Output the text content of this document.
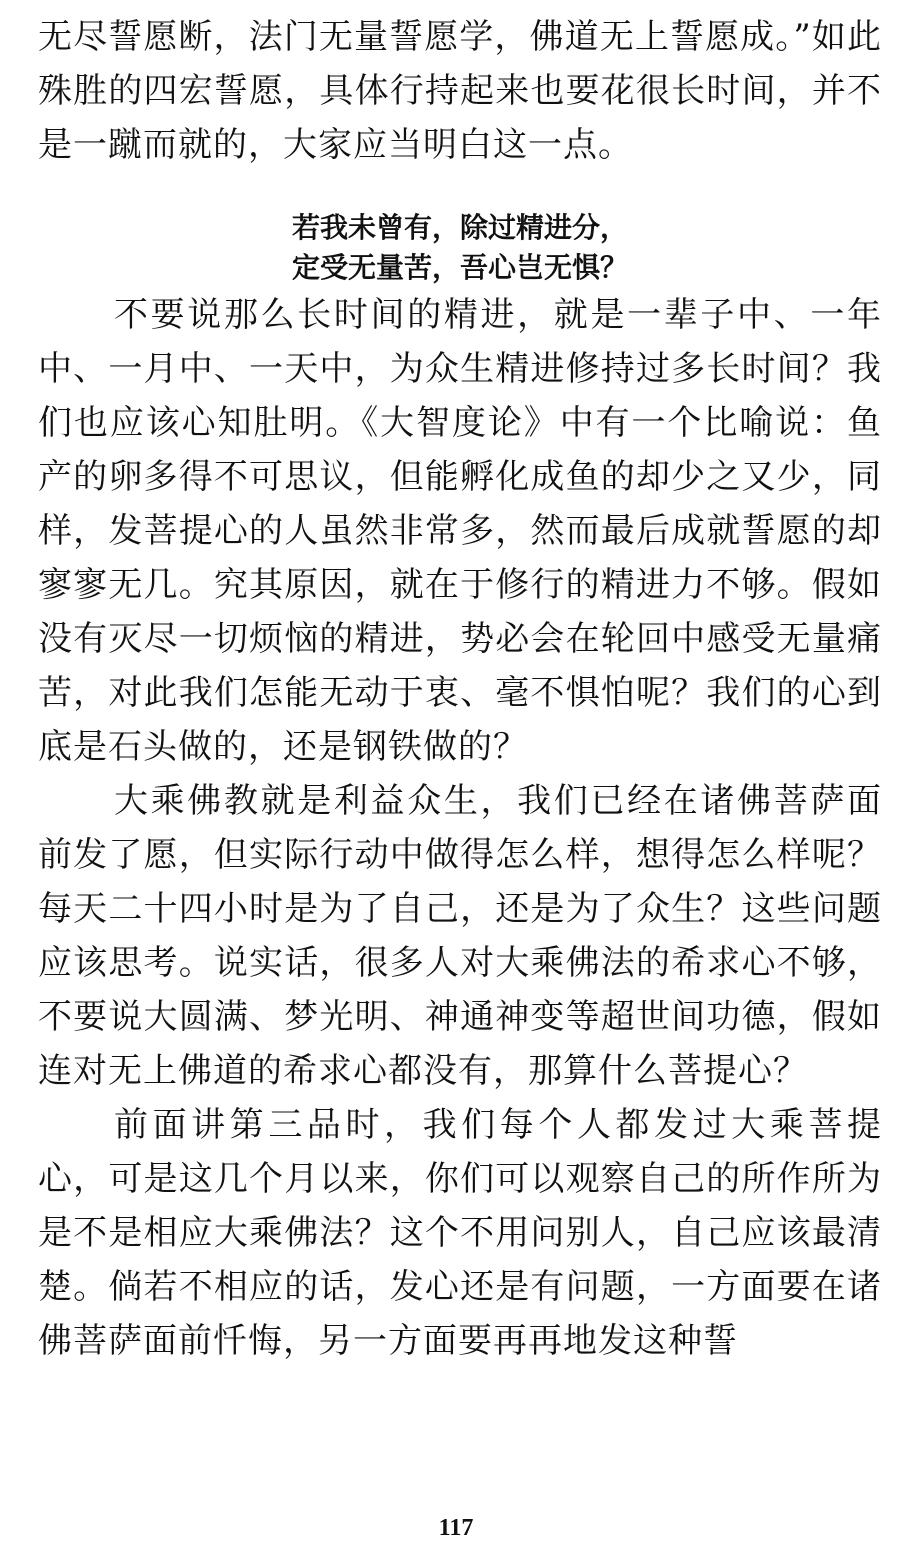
无尽誓愿断，法门无量誓愿学，佛道无上誓愿成。”如此殊胜的四宏誓愿，具体行持起来也要花很长时间，并不是一蹴而就的，大家应当明白这一点。

若我未曾有，除过精进分，
定受无量苦，吾心岂无惧？

不要说那么长时间的精进，就是一辈子中、一年中、一月中、一天中，为众生精进修持过多长时间？我们也应该心知肚明。《大智度论》中有一个比喻说：鱼产的卵多得不可思议，但能孵化成鱼的却少之又少，同样，发菩提心的人虽然非常多，然而最后成就誓愿的却寥寥无几。究其原因，就在于修行的精进力不够。假如没有灭尽一切烦恼的精进，势必会在轮回中感受无量痛苦，对此我们怎能无动于衷、毫不惧怕呢？我们的心到底是石头做的，还是钢铁做的？

大乘佛教就是利益众生，我们已经在诸佛菩萨面前发了愿，但实际行动中做得怎么样，想得怎么样呢？每天二十四小时是为了自己，还是为了众生？这些问题应该思考。说实话，很多人对大乘佛法的希求心不够，不要说大圆满、梦光明、神通神变等超世间功德，假如连对无上佛道的希求心都没有，那算什么菩提心？

前面讲第三品时，我们每个人都发过大乘菩提心，可是这几个月以来，你们可以观察自己的所作所为是不是相应大乘佛法？这个不用问别人，自己应该最清楚。倘若不相应的话，发心还是有问题，一方面要在诸佛菩萨面前忏悔，另一方面要再再地发这种誓

117
